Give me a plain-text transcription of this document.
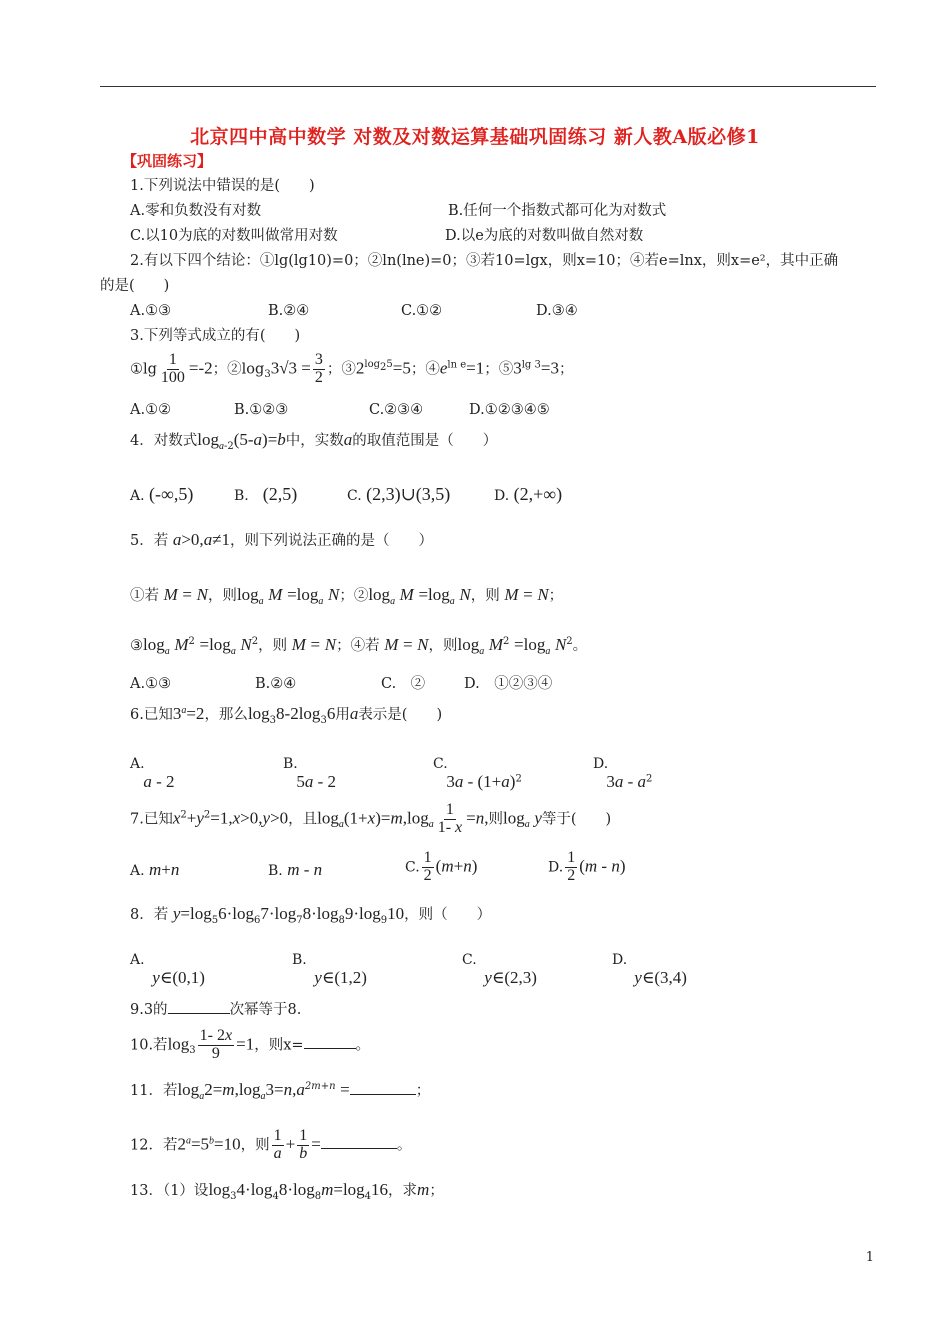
北京四中高中数学 对数及对数运算基础巩固练习 新人教A版必修1
【巩固练习】
1.下列说法中错误的是(　　)
A.零和负数没有对数	B.任何一个指数式都可化为对数式
C.以10为底的对数叫做常用对数	D.以e为底的对数叫做自然对数
2.有以下四个结论：①lg(lg10)=0；②ln(lne)=0；③若10=lgx，则x=10；④若e=lnx，则x=e²，其中正确
的是(　　)
A.①③	B.②④	C.①②	D.③④
3.下列等式成立的有(　　)
①lg $\frac{1}{100} =-2$；$②\log_33√3 = \frac{3}{2}$ ；$③2^{log_25}=5$；$④e^{ln e}=1$；$⑤3^{lg 3}=3$；
A.①②	B.①②③	C.②③④	D.①②③④⑤
4．对数式$\log_{a-2}(5-a)=b$中，实数a的取值范围是（　　）
A. (-∞,5)	B.　 (2,5)	C. (2,3)∪(3,5)	D. (2,+∞)
5．若 a>0,a≠1，则下列说法正确的是（　　）
①若 M = N，则$\log_a M =\log_a$ N；$②\log_a$ $M =\log_a$ N，则 M = N；
$③\log_a$ $M^2 =\log_a$ $N^2$，则 M = N；④若 M = N，则$\log_a M^2 =\log_a$ $N^2$。
A.①③	B.②④	C.　②	D.　①②③④
6.已知$3^a=2$，那么$\log_38-2\log_36$用a表示是(　　)
A.
a - 2
B.
5a - 2
C.
$3a - (1+a)^2$
D.
$3a - a^2$
7.已知$x^2+y^2=1,x>0,y>0$，且$\log_a(1+x)=m,\log_a \frac{1}{1- x} =n$,则$\log_a y$等于(　　)
A. m+n	B. m - n	C. $\frac{1}{2} (m+n)$	D. $\frac{1}{2} (m - n)$
8．若 $y=\log_56\cdot\log_67\cdot\log_78\cdot\log_89\cdot\log_910$，则（　　）
A.
y∈(0,1)
B.
y∈(1,2)
C.
y∈(2,3)
D.
y∈(3,4)
9.3的	次幂等于8.
10.若$\log_3 \frac{1- 2x}{9} =1$，则x=	。
11．若$\log_a2=m,\log_a3=n,a^{2m+n}$ =	；
12．若$2^a=5^b=10$，则 $\frac{1}{a} + \frac{1}{b}$ =	。
13．（1）设$\log_34\cdot\log_48\cdot\log_8m=\log_416$，求m；
1
